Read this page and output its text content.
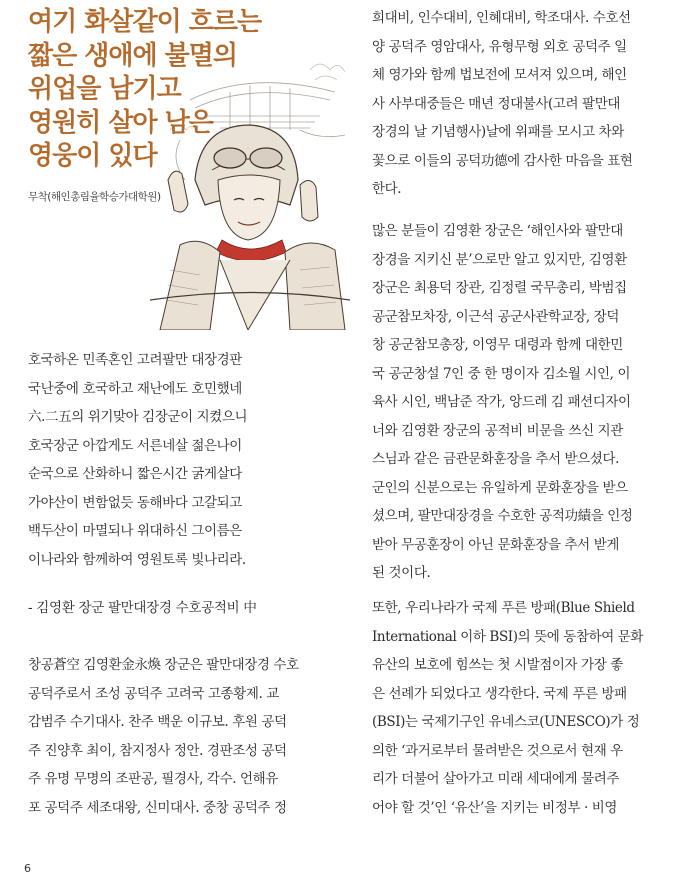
여기 화살같이 흐르는
짧은 생애에 불멸의
위업을 남기고
영원히 살아 남은
영웅이 있다
무착(해인총림율학승가대학원)
호국하온 민족혼인 고려팔만 대장경판
국난중에 호국하고 재난에도 호민했네
六.二五의 위기맞아 김장군이 지켰으니
호국장군 아깝게도 서른네살 젊은나이
순국으로 산화하니 짧은시간 굵게살다
가야산이 변함없듯 동해바다 고갈되고
백두산이 마멸되나 위대하신 그이름은
이나라와 함께하여 영원토록 빛나리라.
- 김영환 장군 팔만대장경 수호공적비 中
창공蒼空 김영환金永煥 장군은 팔만대장경 수호
공덕주로서 조성 공덕주 고려국 고종황제. 교
감범주 수기대사. 찬주 백운 이규보. 후원 공덕
주 진양후 최이, 참지정사 정안. 경판조성 공덕
주 유명 무명의 조판공, 필경사, 각수. 언해유
포 공덕주 세조대왕, 신미대사. 중창 공덕주 정
희대비, 인수대비, 인혜대비, 학조대사. 수호선
양 공덕주 영암대사, 유형무형 외호 공덕주 일
체 영가와 함께 법보전에 모셔져 있으며, 해인
사 사부대중들은 매년 정대불사(고려 팔만대
장경의 날 기념행사)날에 위패를 모시고 차와
꽃으로 이들의 공덕功德에 감사한 마음을 표현
한다.
많은 분들이 김영환 장군은 ‘해인사와 팔만대
장경을 지키신 분’으로만 알고 있지만, 김영환
장군은 최용덕 장관, 김정렬 국무총리, 박범집
공군참모차장, 이근석 공군사관학교장, 장덕
창 공군참모총장, 이영무 대령과 함께 대한민
국 공군창설 7인 중 한 명이자 김소월 시인, 이
육사 시인, 백남준 작가, 앙드레 김 패션디자이
너와 김영환 장군의 공적비 비문을 쓰신 지관
스님과 같은 금관문화훈장을 추서 받으셨다.
군인의 신분으로는 유일하게 문화훈장을 받으
셨으며, 팔만대장경을 수호한 공적功績을 인정
받아 무공훈장이 아닌 문화훈장을 추서 받게
된 것이다.
또한, 우리나라가 국제 푸른 방패(Blue Shield
International 이하 BSI)의 뜻에 동참하여 문화
유산의 보호에 힘쓰는 첫 시발점이자 가장 좋
은 선례가 되었다고 생각한다. 국제 푸른 방패
(BSI)는 국제기구인 유네스코(UNESCO)가 정
의한 ‘과거로부터 물려받은 것으로서 현재 우
리가 더불어 살아가고 미래 세대에게 물려주
어야 할 것’인 ‘유산’을 지키는 비정부 · 비영
6
